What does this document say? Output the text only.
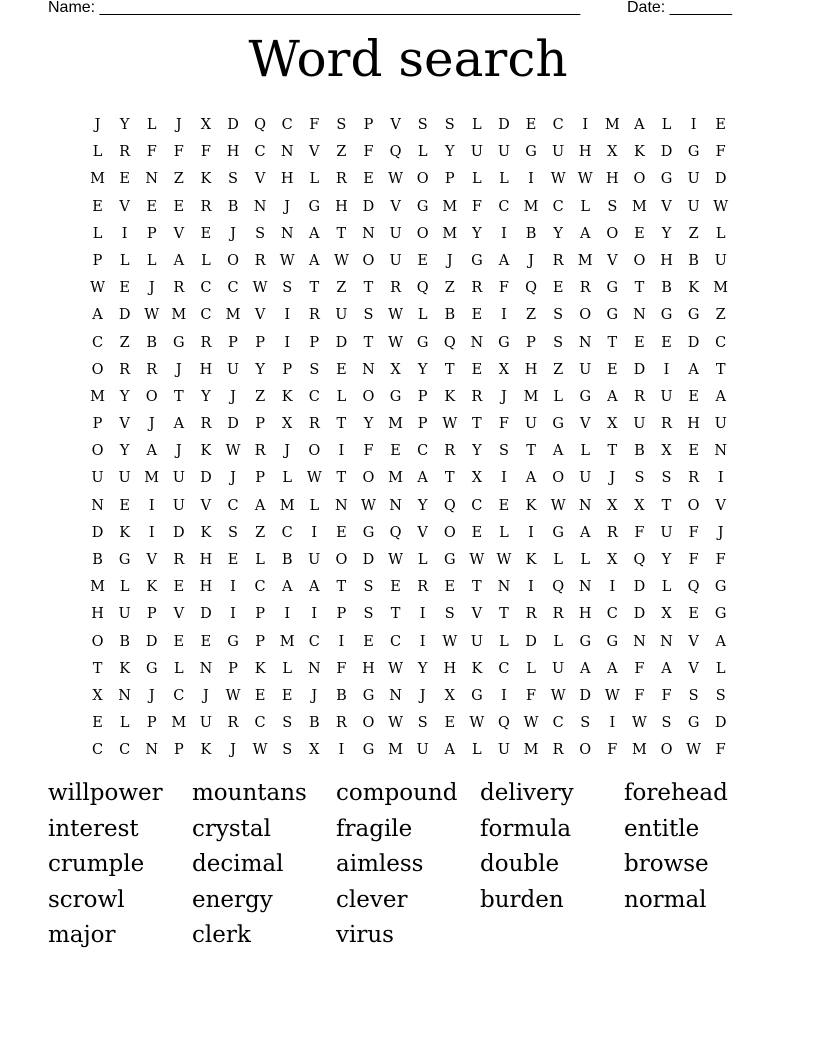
Name: ______________________________________________________	Date: _______
Word search
J	Y	L	J	X	D	Q	C	F	S	P	V	S	S	L	D	E	C	I	M A	L	I	E
L	R	F	F	F	H	C	N	V	Z	F	Q	L	Y	U	U	G	U	H	X	K	D	G	F
M E	N	Z	K	S	V	H	L	R	E W O	P	L	L	I	W W H	O	G	U	D
E	V	E	E	R	B	N	J	G	H	D	V	G M	F	C M C	L	S	M V	U W
L	I	P	V	E	J	S	N	A	T	N	U	O M	Y	I	B	Y	A	O	E	Y	Z	L
P	L	L	A	L	O	R W A W O	U	E	J	G	A	J	R M V	O	H	B	U
W E	J	R	C	C W	S	T	Z	T	R	Q	Z	R	F	Q	E	R	G	T	B	K M
A	D W M C M V	I	R	U	S	W	L	B	E	I	Z	S	O	G	N	G	G	Z
C	Z	B	G	R	P	P	I	P	D	T	W G	Q	N	G	P	S	N	T	E	E	D	C
O	R	R	J	H	U	Y	P	S	E	N	X	Y	T	E	X	H	Z	U	E	D	I	A	T
M	Y	O	T	Y	J	Z	K	C	L	O	G	P	K	R	J	M	L	G	A	R	U	E	A
P	V	J	A	R	D	P	X	R	T	Y	M	P	W	T	F	U	G	V	X	U	R	H	U
O	Y	A	J	K W R	J	O	I	F	E	C	R	Y	S	T	A	L	T	B	X	E	N
U	U M U	D	J	P	L	W	T	O M A	T	X	I	A	O	U	J	S	S	R	I
N	E	I	U	V	C	A M	L	N W N	Y	Q	C	E	K W N	X	X	T	O	V
D	K	I	D	K	S	Z	C	I	E	G	Q	V	O	E	L	I	G	A	R	F	U	F	J
B	G	V	R	H	E	L	B	U	O	D W	L	G W W K	L	L	X	Q	Y	F	F
M	L	K	E	H	I	C	A	A	T	S	E	R	E	T	N	I	Q	N	I	D	L	Q	G
H	U	P	V	D	I	P	I	I	P	S	T	I	S	V	T	R	R	H	C	D	X	E	G
O	B	D	E	E	G	P	M C	I	E	C	I	W U	L	D	L	G	G	N N	V	A
T	K	G	L	N	P	K	L	N	F	H W	Y	H	K	C	L	U	A	A	F	A	V	L
X	N	J	C	J	W E	E	J	B	G	N	J	X	G	I	F	W D W	F	F	S	S
E	L	P	M U	R	C	S	B	R	O W	S	E W Q W C	S	I	W	S	G	D
C	C	N	P	K	J	W	S	X	I	G M U	A	L	U M R	O	F	M O W	F
willpower	mountans	compound delivery	forehead
interest	crystal	fragile	formula	entitle
crumple	decimal	aimless	double	browse
scrowl	energy	clever	burden	normal
major	clerk	virus
